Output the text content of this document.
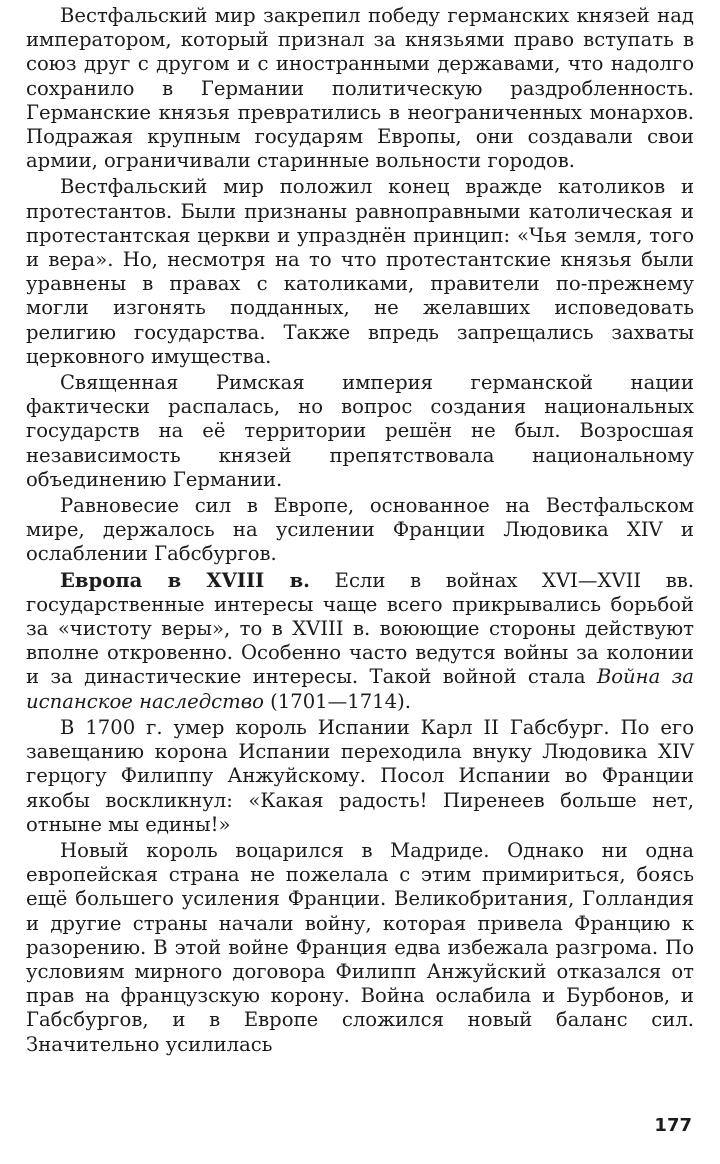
Вестфальский мир закрепил победу германских князей над императором, который признал за князьями право вступать в союз друг с другом и с иностранными державами, что надолго сохранило в Германии политическую раздробленность. Германские князья превратились в неограниченных монархов. Подражая крупным государям Европы, они создавали свои армии, ограничивали старинные вольности городов.

Вестфальский мир положил конец вражде католиков и протестантов. Были признаны равноправными католическая и протестантская церкви и упразднён принцип: «Чья земля, того и вера». Но, несмотря на то что протестантские князья были уравнены в правах с католиками, правители по-прежнему могли изгонять подданных, не желавших исповедовать религию государства. Также впредь запрещались захваты церковного имущества.

Священная Римская империя германской нации фактически распалась, но вопрос создания национальных государств на её территории решён не был. Возросшая независимость князей препятствовала национальному объединению Германии.

Равновесие сил в Европе, основанное на Вестфальском мире, держалось на усилении Франции Людовика XIV и ослаблении Габсбургов.

Европа в XVIII в. Если в войнах XVI—XVII вв. государственные интересы чаще всего прикрывались борьбой за «чистоту веры», то в XVIII в. воюющие стороны действуют вполне откровенно. Особенно часто ведутся войны за колонии и за династические интересы. Такой войной стала Война за испанское наследство (1701—1714).

В 1700 г. умер король Испании Карл II Габсбург. По его завещанию корона Испании переходила внуку Людовика XIV герцогу Филиппу Анжуйскому. Посол Испании во Франции якобы воскликнул: «Какая радость! Пиренеев больше нет, отныне мы едины!»

Новый король воцарился в Мадриде. Однако ни одна европейская страна не пожелала с этим примириться, боясь ещё большего усиления Франции. Великобритания, Голландия и другие страны начали войну, которая привела Францию к разорению. В этой войне Франция едва избежала разгрома. По условиям мирного договора Филипп Анжуйский отказался от прав на французскую корону. Война ослабила и Бурбонов, и Габсбургов, и в Европе сложился новый баланс сил. Значительно усилилась

177
